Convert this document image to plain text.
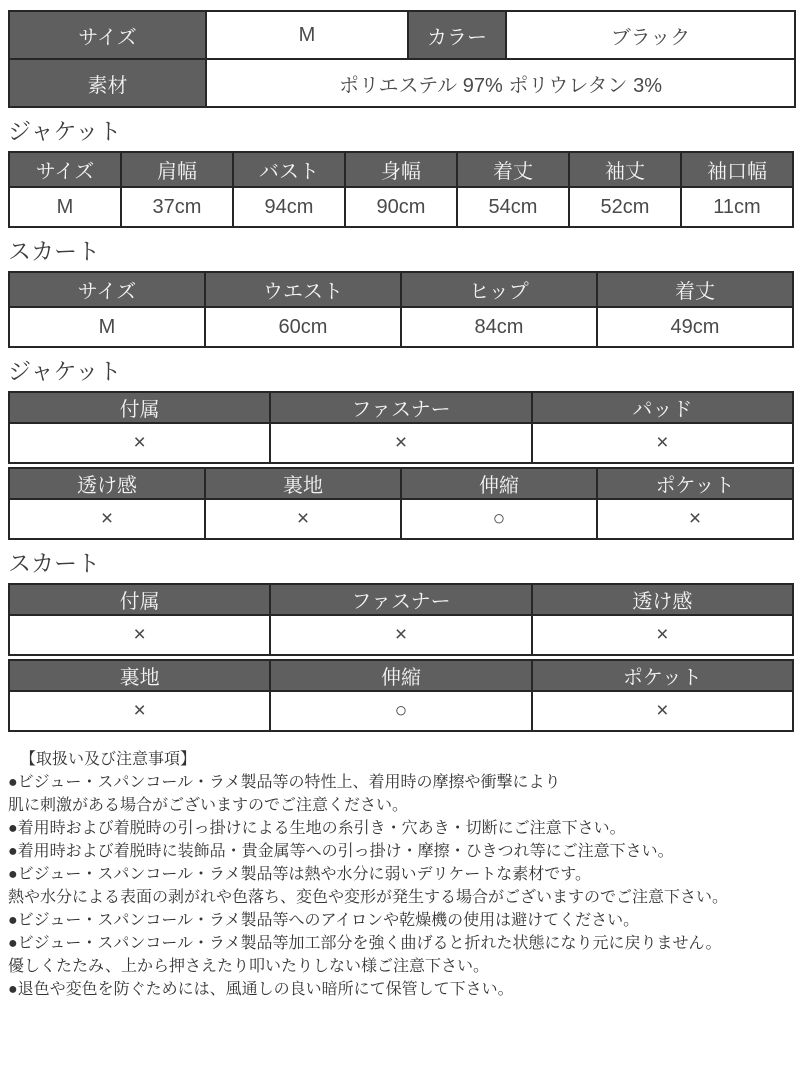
サイズ	M	カラー	ブラック
素材	ポリエステル 97% ポリウレタン 3%		
ジャケット
サイズ	肩幅	バスト	身幅	着丈	袖丈	袖口幅
M	37cm	94cm	90cm	54cm	52cm	11cm
スカート
サイズ	ウエスト	ヒップ	着丈
M	60cm	84cm	49cm
ジャケット
付属	ファスナー	パッド
×	×	×
透け感	裏地	伸縮	ポケット
×	×	○	×
スカート
付属	ファスナー	透け感
×	×	×
裏地	伸縮	ポケット
×	○	×
【取扱い及び注意事項】
●ビジュー・スパンコール・ラメ製品等の特性上、着用時の摩擦や衝撃により
肌に刺激がある場合がございますのでご注意ください。
●着用時および着脱時の引っ掛けによる生地の糸引き・穴あき・切断にご注意下さい。
●着用時および着脱時に装飾品・貴金属等への引っ掛け・摩擦・ひきつれ等にご注意下さい。
●ビジュー・スパンコール・ラメ製品等は熱や水分に弱いデリケートな素材です。
熱や水分による表面の剥がれや色落ち、変色や変形が発生する場合がございますのでご注意下さい。
●ビジュー・スパンコール・ラメ製品等へのアイロンや乾燥機の使用は避けてください。
●ビジュー・スパンコール・ラメ製品等加工部分を強く曲げると折れた状態になり元に戻りません。
優しくたたみ、上から押さえたり叩いたりしない様ご注意下さい。
●退色や変色を防ぐためには、風通しの良い暗所にて保管して下さい。
